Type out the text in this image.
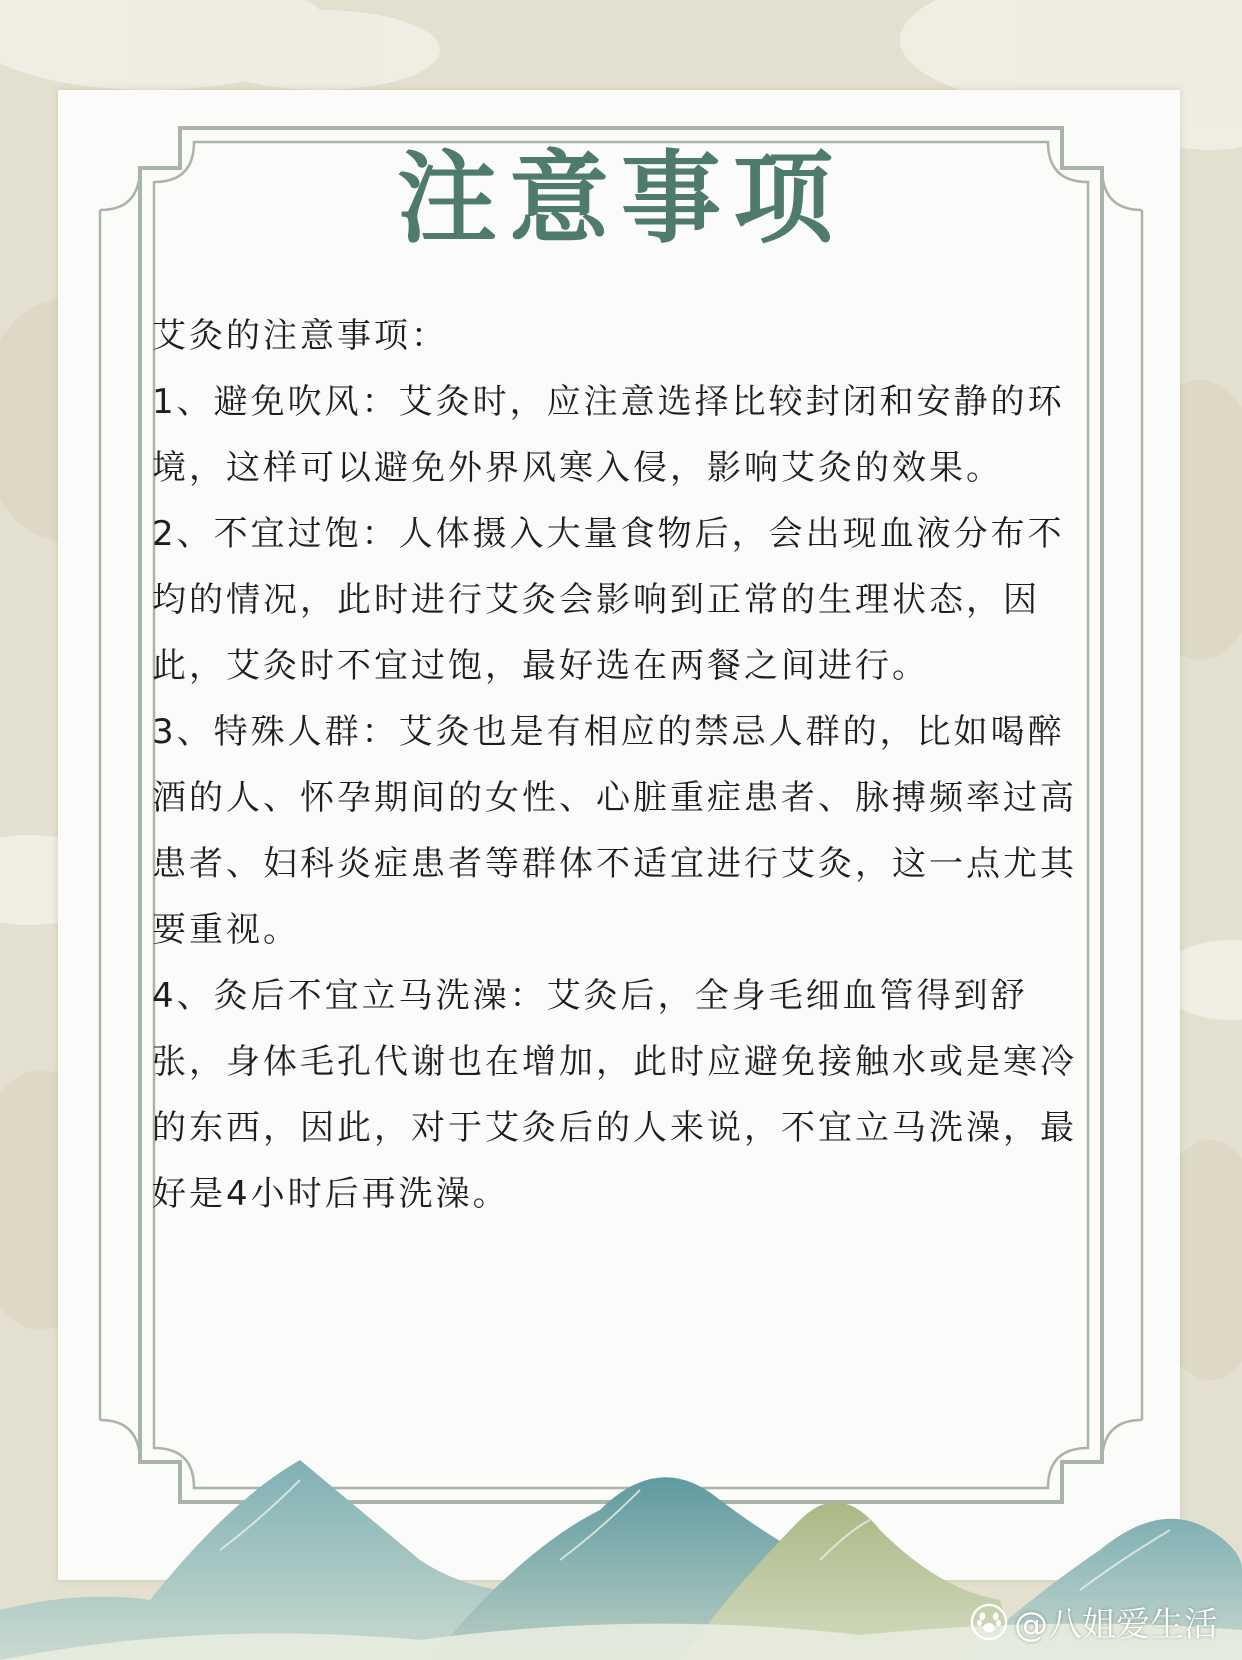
注意事项

艾灸的注意事项：

1、避免吹风：艾灸时，应注意选择比较封闭和安静的环境，这样可以避免外界风寒入侵，影响艾灸的效果。

2、不宜过饱：人体摄入大量食物后，会出现血液分布不均的情况，此时进行艾灸会影响到正常的生理状态，因此，艾灸时不宜过饱，最好选在两餐之间进行。

3、特殊人群：艾灸也是有相应的禁忌人群的，比如喝醉酒的人、怀孕期间的女性、心脏重症患者、脉搏频率过高患者、妇科炎症患者等群体不适宜进行艾灸，这一点尤其要重视。

4、灸后不宜立马洗澡：艾灸后，全身毛细血管得到舒张，身体毛孔代谢也在增加，此时应避免接触水或是寒冷的东西，因此，对于艾灸后的人来说，不宜立马洗澡，最好是4小时后再洗澡。

@八姐爱生活
